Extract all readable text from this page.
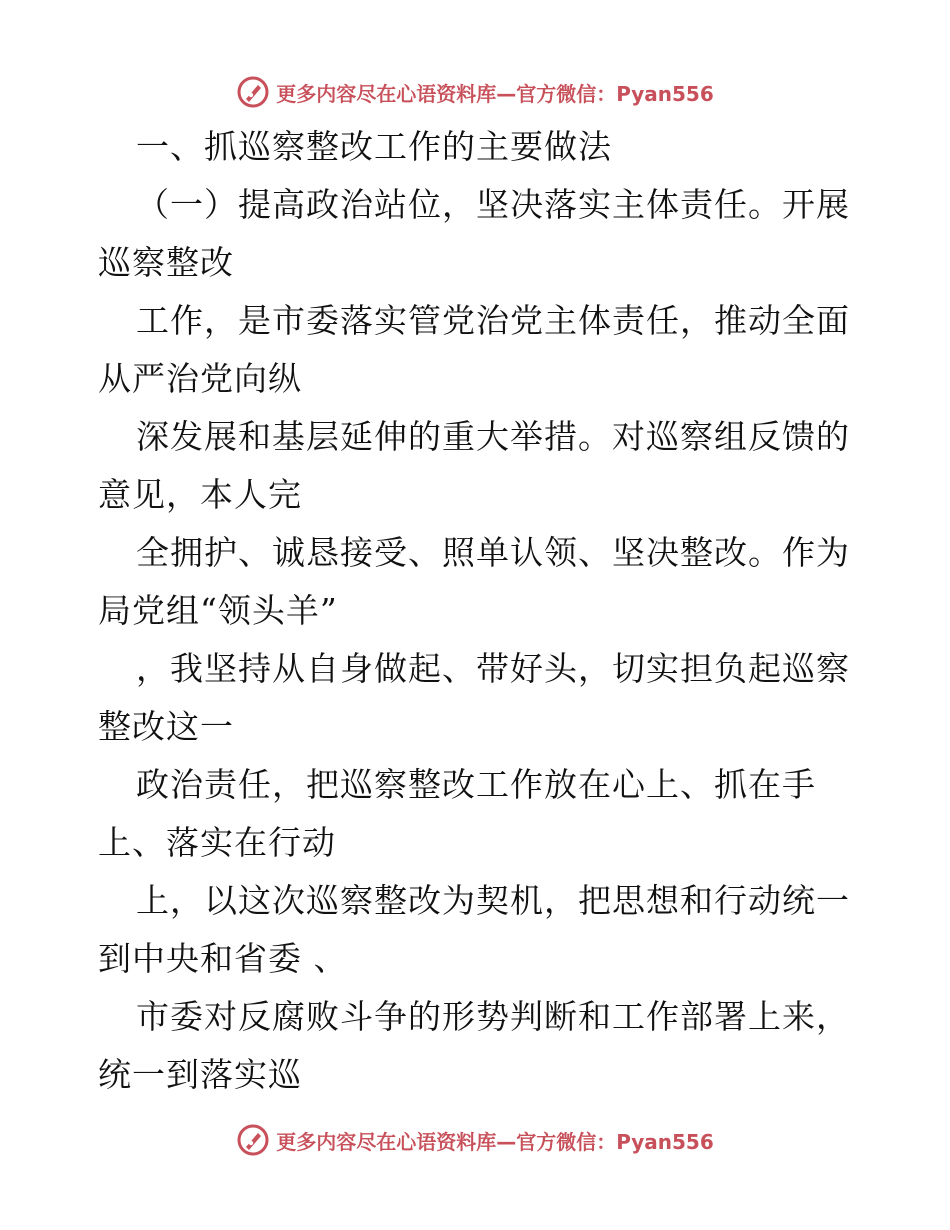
更多内容尽在心语资料库—官方微信：Pyan556
一、抓巡察整改工作的主要做法
（一）提高政治站位，坚决落实主体责任。开展
巡察整改
工作，是市委落实管党治党主体责任，推动全面
从严治党向纵
深发展和基层延伸的重大举措。对巡察组反馈的
意见，本人完
全拥护、诚恳接受、照单认领、坚决整改。作为
局党组“领头羊”
，我坚持从自身做起、带好头，切实担负起巡察
整改这一
政治责任，把巡察整改工作放在心上、抓在手
上、落实在行动
上，以这次巡察整改为契机，把思想和行动统一
到中央和省委 、
市委对反腐败斗争的形势判断和工作部署上来，
统一到落实巡
更多内容尽在心语资料库—官方微信：Pyan556
